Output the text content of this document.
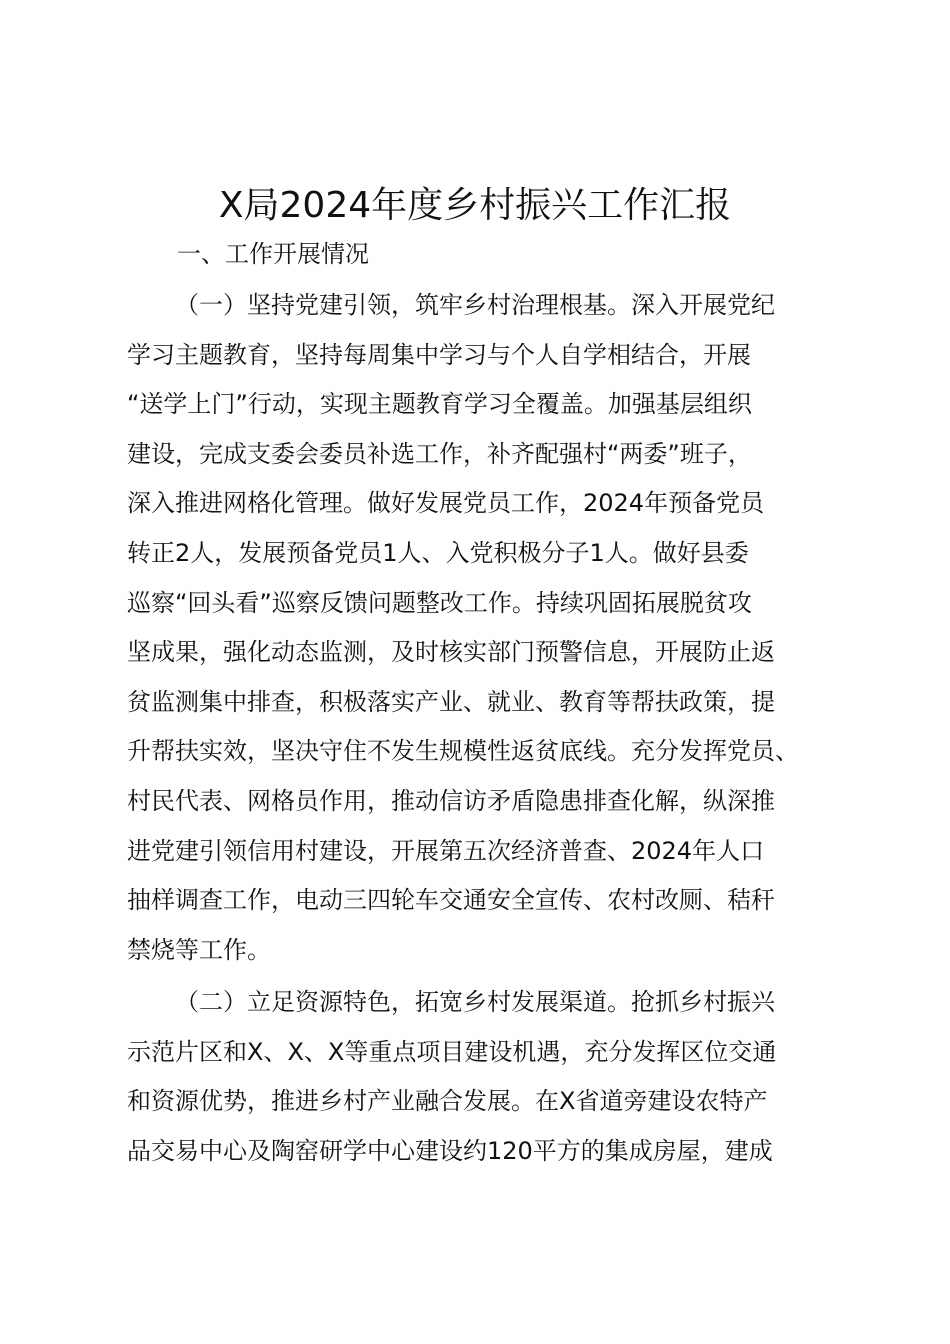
X局2024年度乡村振兴工作汇报
一、工作开展情况
（一）坚持党建引领，筑牢乡村治理根基。深入开展党纪
学习主题教育，坚持每周集中学习与个人自学相结合，开展
“送学上门”行动，实现主题教育学习全覆盖。加强基层组织
建设，完成支委会委员补选工作，补齐配强村“两委”班子，
深入推进网格化管理。做好发展党员工作，2024年预备党员
转正2人，发展预备党员1人、入党积极分子1人。做好县委
巡察“回头看”巡察反馈问题整改工作。持续巩固拓展脱贫攻
坚成果，强化动态监测，及时核实部门预警信息，开展防止返
贫监测集中排查，积极落实产业、就业、教育等帮扶政策，提
升帮扶实效，坚决守住不发生规模性返贫底线。充分发挥党员、
村民代表、网格员作用，推动信访矛盾隐患排查化解，纵深推
进党建引领信用村建设，开展第五次经济普查、2024年人口
抽样调查工作，电动三四轮车交通安全宣传、农村改厕、秸秆
禁烧等工作。
（二）立足资源特色，拓宽乡村发展渠道。抢抓乡村振兴
示范片区和X、X、X等重点项目建设机遇，充分发挥区位交通
和资源优势，推进乡村产业融合发展。在X省道旁建设农特产
品交易中心及陶窑研学中心建设约120平方的集成房屋，建成
